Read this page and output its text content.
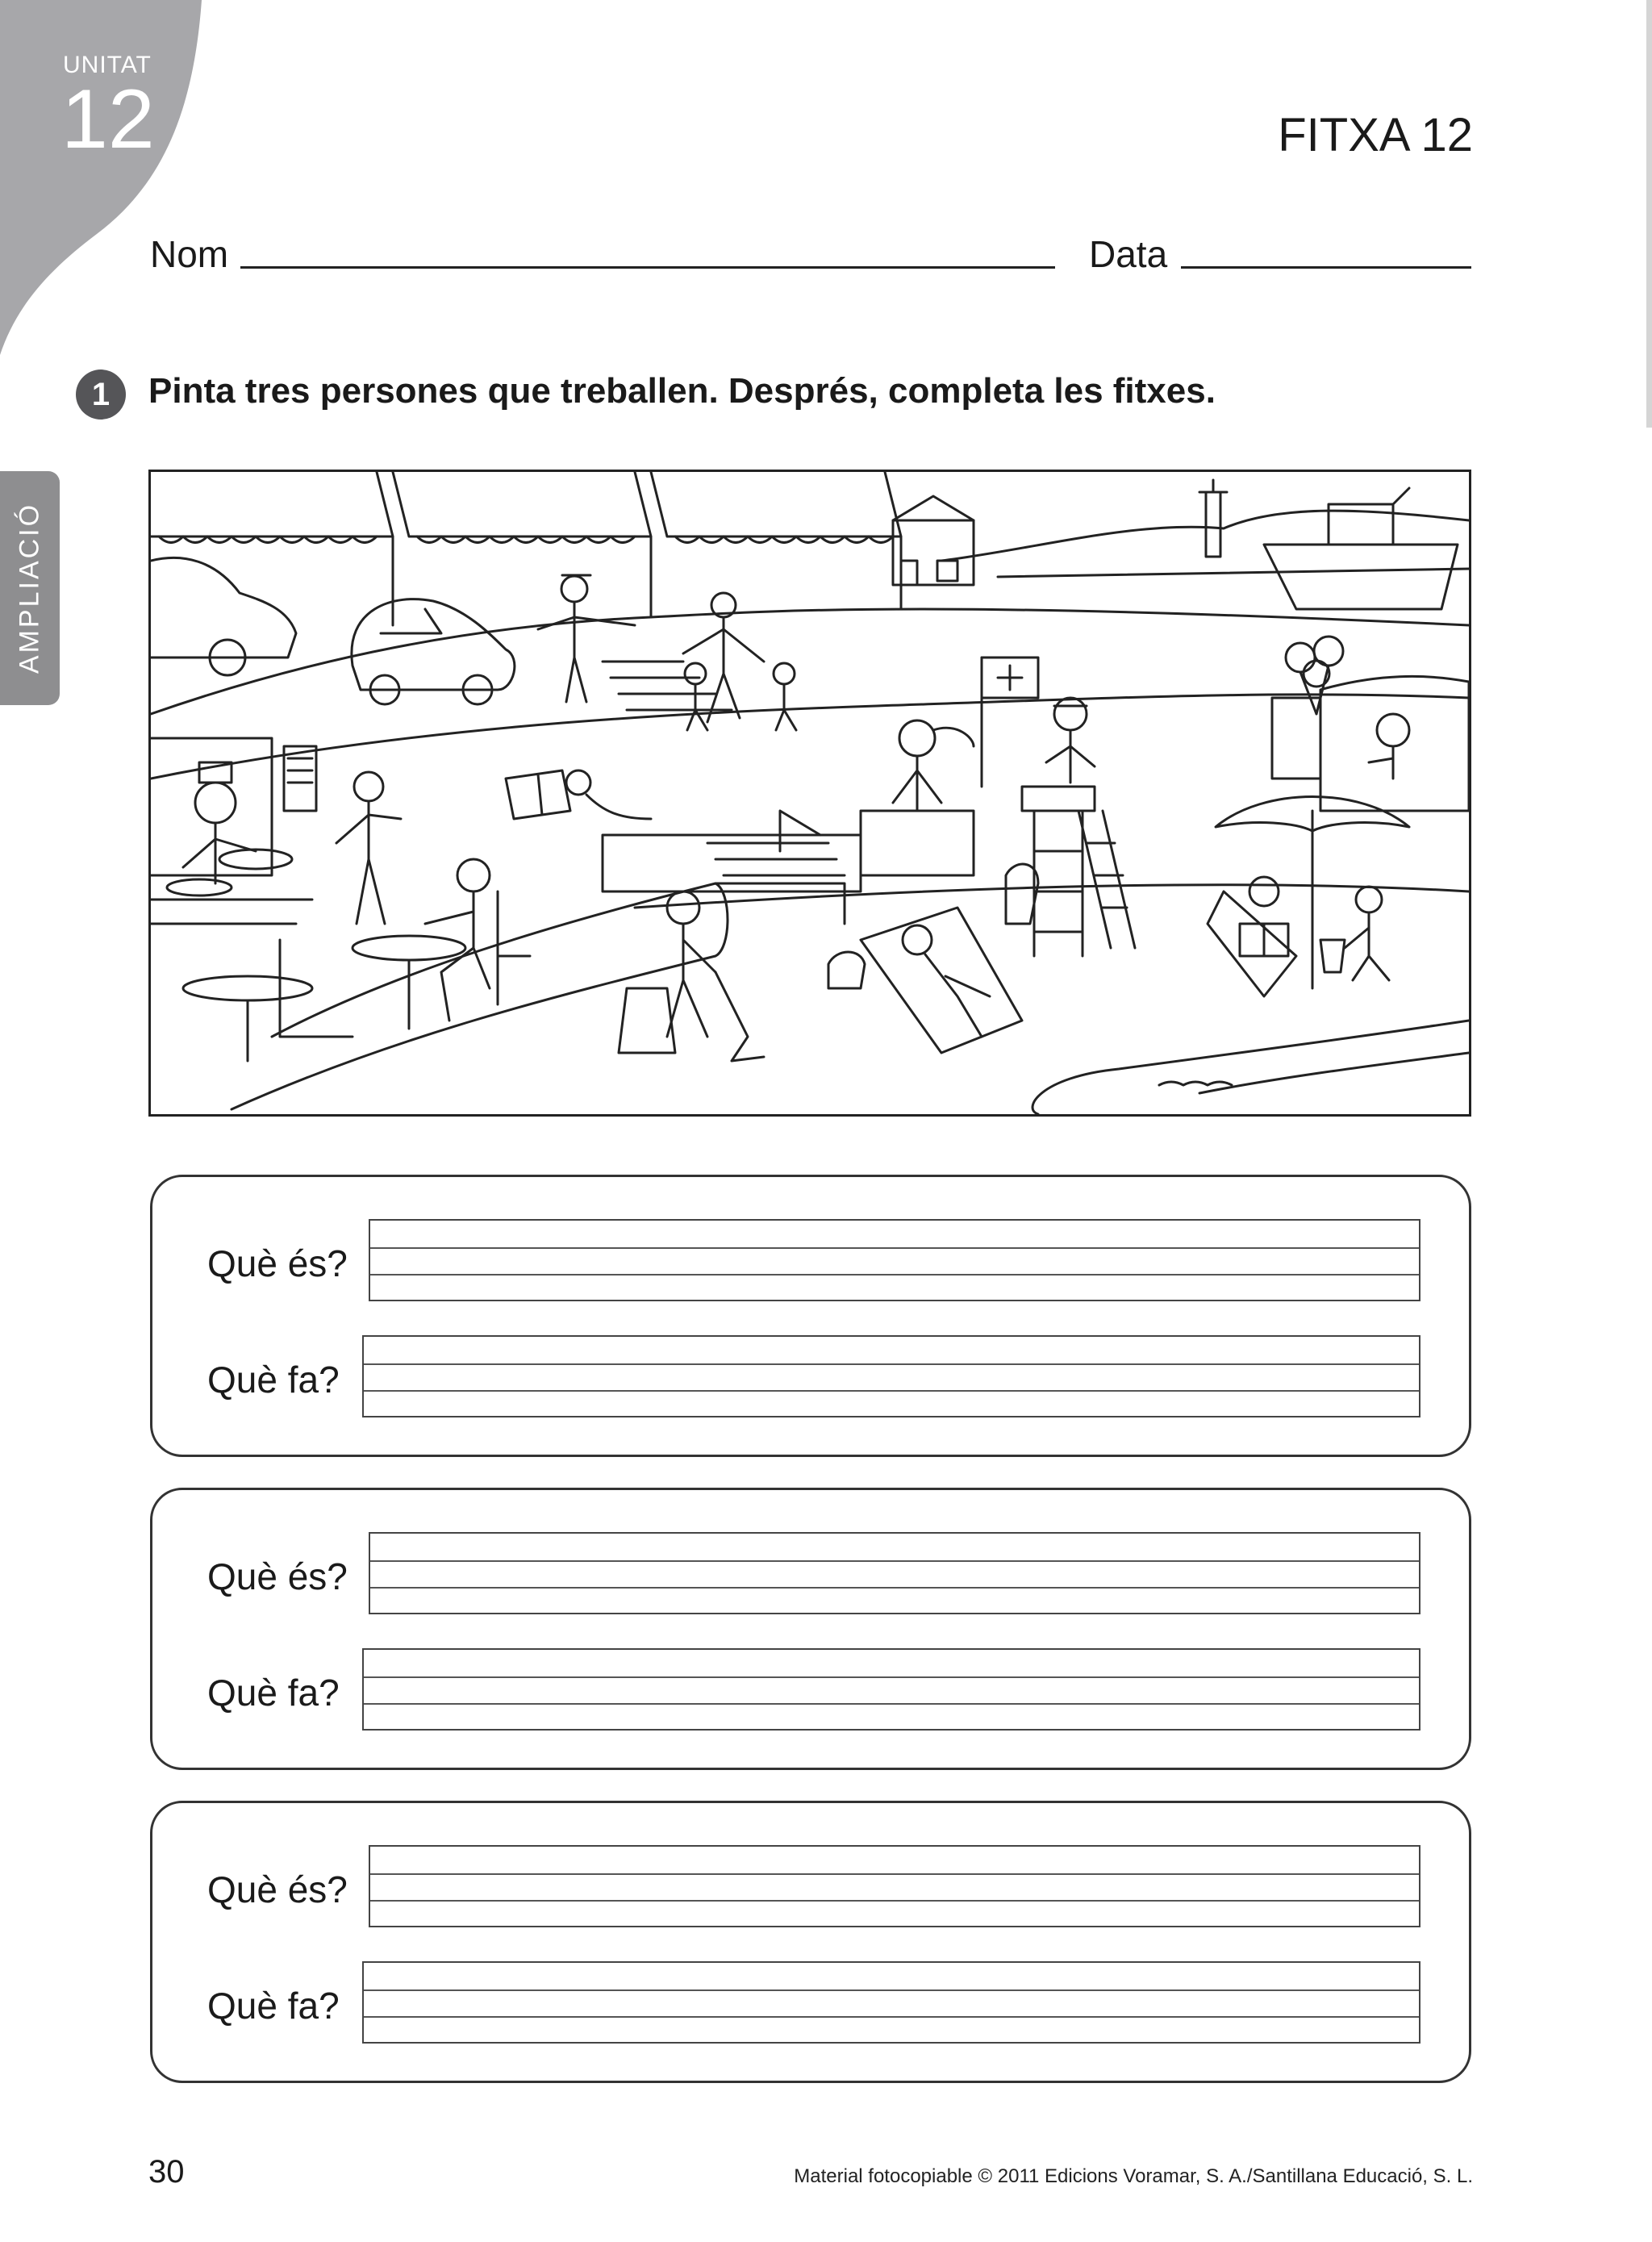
UNITAT
12
AMPLIACIÓ
FITXA 12
Nom	Data
1	Pinta tres persones que treballen. Després, completa les fitxes.
Què és?
Què fa?
Què és?
Què fa?
Què és?
Què fa?
30	Material fotocopiable © 2011 Edicions Voramar, S. A./Santillana Educació, S. L.
